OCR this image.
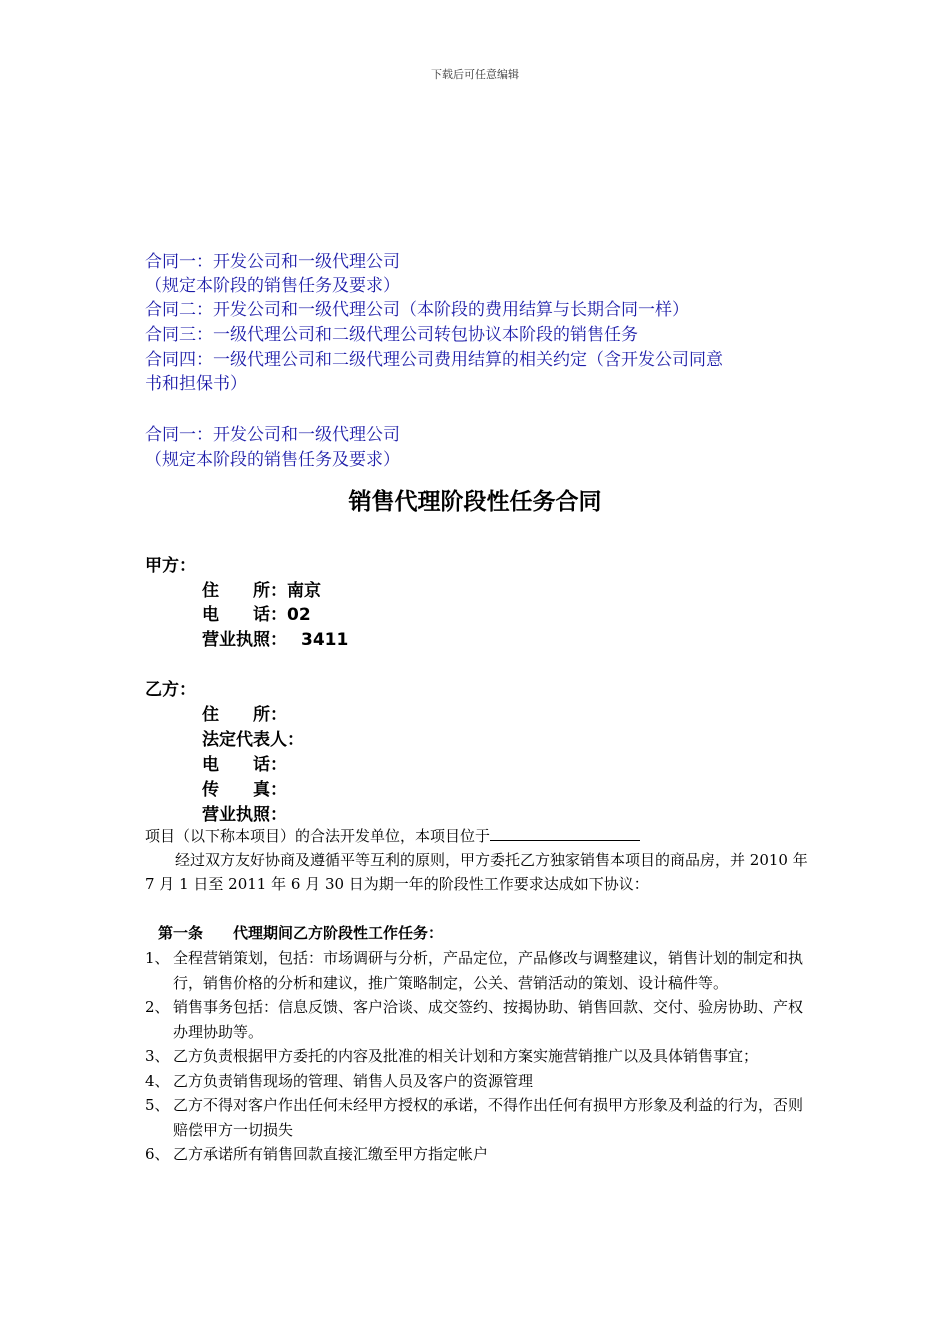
下载后可任意编辑
合同一：开发公司和一级代理公司
（规定本阶段的销售任务及要求）
合同二：开发公司和一级代理公司（本阶段的费用结算与长期合同一样）
合同三：一级代理公司和二级代理公司转包协议本阶段的销售任务
合同四：一级代理公司和二级代理公司费用结算的相关约定（含开发公司同意
书和担保书）
合同一：开发公司和一级代理公司
（规定本阶段的销售任务及要求）
销售代理阶段性任务合同
甲方：
住　　所：南京
电　　话：02
营业执照： 3411
乙方：
住　　所：
法定代表人：
电　　话：
传　　真：
营业执照：
项目（以下称本项目）的合法开发单位，本项目位于
经过双方友好协商及遵循平等互利的原则，甲方委托乙方独家销售本项目的商品房，并 2010 年 7 月 1 日至 2011 年 6 月 30 日为期一年的阶段性工作要求达成如下协议：
第一条　　代理期间乙方阶段性工作任务：
1、 全程营销策划，包括：市场调研与分析，产品定位，产品修改与调整建议，销售计划的制定和执行，销售价格的分析和建议，推广策略制定，公关、营销活动的策划、设计稿件等。
2、 销售事务包括：信息反馈、客户洽谈、成交签约、按揭协助、销售回款、交付、验房协助、产权办理协助等。
3、 乙方负责根据甲方委托的内容及批准的相关计划和方案实施营销推广以及具体销售事宜；
4、 乙方负责销售现场的管理、销售人员及客户的资源管理
5、 乙方不得对客户作出任何未经甲方授权的承诺，不得作出任何有损甲方形象及利益的行为，否则赔偿甲方一切损失
6、 乙方承诺所有销售回款直接汇缴至甲方指定帐户
